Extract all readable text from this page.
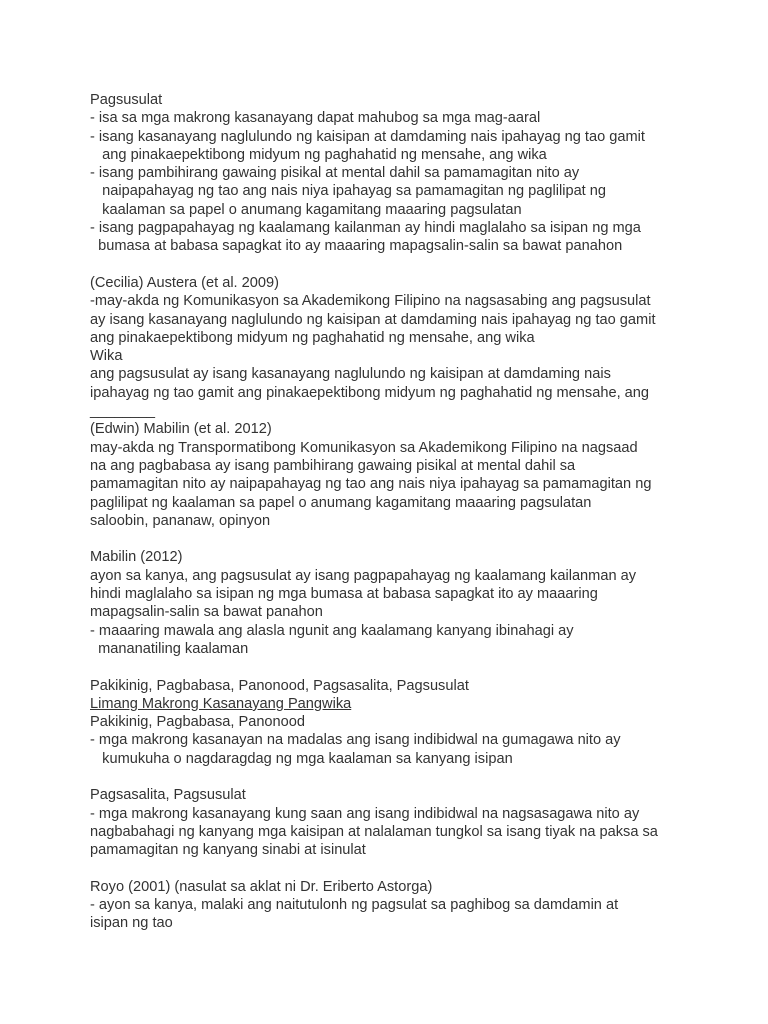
Pagsusulat
- isa sa mga makrong kasanayang dapat mahubog sa mga mag-aaral
- isang kasanayang naglulundo ng kaisipan at damdaming nais ipahayag ng tao gamit
ang pinakaepektibong midyum ng paghahatid ng mensahe, ang wika
- isang pambihirang gawaing pisikal at mental dahil sa pamamagitan nito ay
naipapahayag ng tao ang nais niya ipahayag sa pamamagitan ng paglilipat ng
kaalaman sa papel o anumang kagamitang maaaring pagsulatan
- isang pagpapahayag ng kaalamang kailanman ay hindi maglalaho sa isipan ng mga
bumasa at babasa sapagkat ito ay maaaring mapagsalin-salin sa bawat panahon
(Cecilia) Austera (et al. 2009)
-may-akda ng Komunikasyon sa Akademikong Filipino na nagsasabing ang pagsusulat
ay isang kasanayang naglulundo ng kaisipan at damdaming nais ipahayag ng tao gamit
ang pinakaepektibong midyum ng paghahatid ng mensahe, ang wika
Wika
ang pagsusulat ay isang kasanayang naglulundo ng kaisipan at damdaming nais
ipahayag ng tao gamit ang pinakaepektibong midyum ng paghahatid ng mensahe, ang
________
(Edwin) Mabilin (et al. 2012)
may-akda ng Transpormatibong Komunikasyon sa Akademikong Filipino na nagsaad
na ang pagbabasa ay isang pambihirang gawaing pisikal at mental dahil sa
pamamagitan nito ay naipapahayag ng tao ang nais niya ipahayag sa pamamagitan ng
paglilipat ng kaalaman sa papel o anumang kagamitang maaaring pagsulatan
saloobin, pananaw, opinyon
Mabilin (2012)
ayon sa kanya, ang pagsusulat ay isang pagpapahayag ng kaalamang kailanman ay
hindi maglalaho sa isipan ng mga bumasa at babasa sapagkat ito ay maaaring
mapagsalin-salin sa bawat panahon
- maaaring mawala ang alasla ngunit ang kaalamang kanyang ibinahagi ay
mananatiling kaalaman
Pakikinig, Pagbabasa, Panonood, Pagsasalita, Pagsusulat
Limang Makrong Kasanayang Pangwika
Pakikinig, Pagbabasa, Panonood
- mga makrong kasanayan na madalas ang isang indibidwal na gumagawa nito ay
kumukuha o nagdaragdag ng mga kaalaman sa kanyang isipan
Pagsasalita, Pagsusulat
- mga makrong kasanayang kung saan ang isang indibidwal na nagsasagawa nito ay
nagbabahagi ng kanyang mga kaisipan at nalalaman tungkol sa isang tiyak na paksa sa
pamamagitan ng kanyang sinabi at isinulat
Royo (2001) (nasulat sa aklat ni Dr. Eriberto Astorga)
- ayon sa kanya, malaki ang naitutulonh ng pagsulat sa paghibog sa damdamin at
isipan ng tao
